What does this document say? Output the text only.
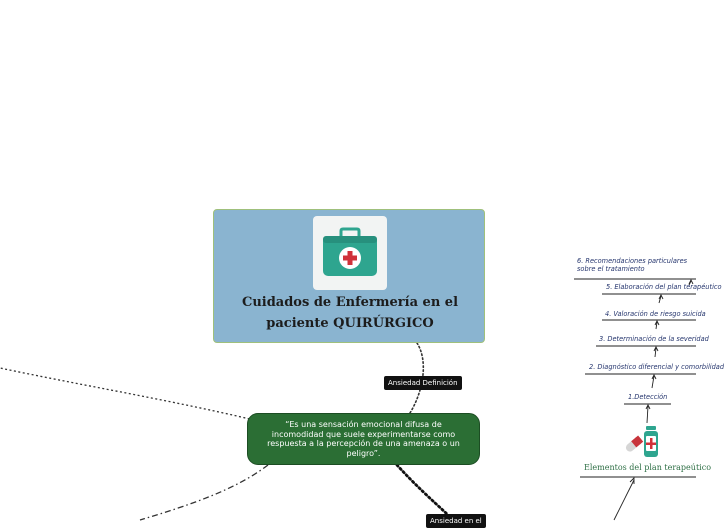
Cuidados de Enfermería en el
paciente QUIRÚRGICO
Ansiedad Definición
“Es una sensación emocional difusa de incomodidad que suele experimentarse como respuesta a la percepción de una amenaza o un peligro”.
Ansiedad en el
6. Recomendaciones particulares sobre el tratamiento
5. Elaboración del plan terapéutico
4. Valoración de riesgo suicida
3. Determinación de la severidad
2. Diagnóstico diferencial y comorbilidad
1.Detección
Elementos del plan terapeútico
